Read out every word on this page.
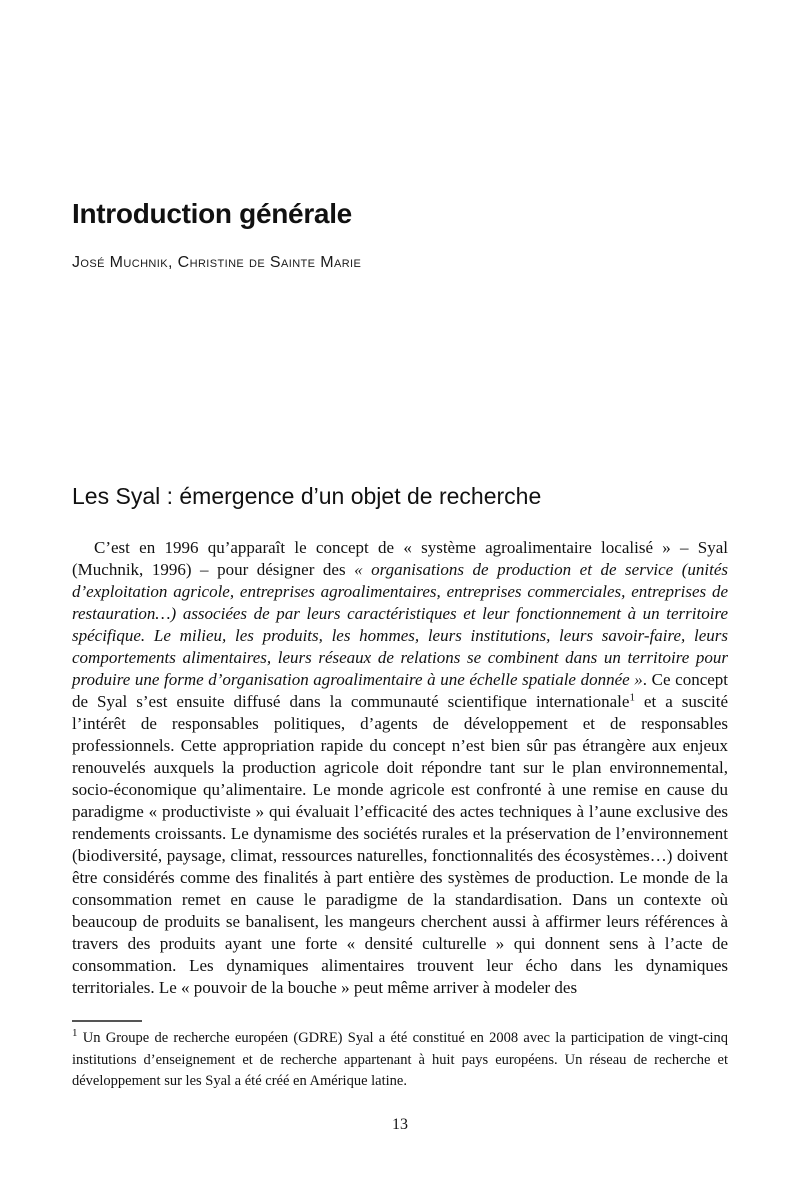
Introduction générale
José Muchnik, Christine de Sainte Marie
Les Syal : émergence d’un objet de recherche

C’est en 1996 qu’apparaît le concept de « système agroalimentaire localisé » – Syal (Muchnik, 1996) – pour désigner des « organisations de production et de service (unités d’exploitation agricole, entreprises agroalimentaires, entreprises commerciales, entreprises de restauration…) associées de par leurs caractéristiques et leur fonctionnement à un territoire spécifique. Le milieu, les produits, les hommes, leurs institutions, leurs savoir-faire, leurs comportements alimentaires, leurs réseaux de relations se combinent dans un territoire pour produire une forme d’organisation agroalimentaire à une échelle spatiale donnée ». Ce concept de Syal s’est ensuite diffusé dans la communauté scientifique internationale$^1$ et a suscité l’intérêt de responsables politiques, d’agents de développement et de responsables professionnels. Cette appropriation rapide du concept n’est bien sûr pas étrangère aux enjeux renouvelés auxquels la production agricole doit répondre tant sur le plan environnemental, socio-économique qu’alimentaire. Le monde agricole est confronté à une remise en cause du paradigme « productiviste » qui évaluait l’efficacité des actes techniques à l’aune exclusive des rendements croissants. Le dynamisme des sociétés rurales et la préservation de l’environnement (biodiversité, paysage, climat, ressources naturelles, fonctionnalités des écosystèmes…) doivent être considérés comme des finalités à part entière des systèmes de production. Le monde de la consommation remet en cause le paradigme de la standardisation. Dans un contexte où beaucoup de produits se banalisent, les mangeurs cherchent aussi à affirmer leurs références à travers des produits ayant une forte « densité culturelle » qui donnent sens à l’acte de consommation. Les dynamiques alimentaires trouvent leur écho dans les dynamiques territoriales. Le « pouvoir de la bouche » peut même arriver à modeler des

$^1$ Un Groupe de recherche européen (GDRE) Syal a été constitué en 2008 avec la participation de vingt-cinq institutions d’enseignement et de recherche appartenant à huit pays européens. Un réseau de recherche et développement sur les Syal a été créé en Amérique latine.

13
